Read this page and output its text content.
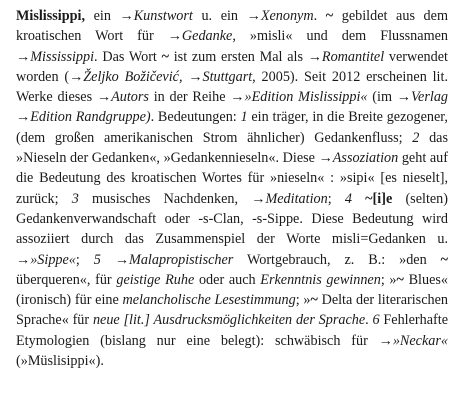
Mislissippi, ein →Kunstwort u. ein →Xenonym. ~ gebildet aus dem kroatischen Wort für →Gedanke, »misli« und dem Flussnamen →Mississippi. Das Wort ~ ist zum ersten Mal als →Romantitel verwendet worden (→Željko Božičević, →Stuttgart, 2005). Seit 2012 erscheinen lit. Werke dieses →Autors in der Reihe →»Edition Mislissippi« (im →Verlag →Edition Randgruppe). Bedeutungen: 1 ein träger, in die Breite gezogener, (dem großen amerikanischen Strom ähnlicher) Gedankenfluss; 2 das »Nieseln der Gedanken«, »Gedankennieseln«. Diese →Assoziation geht auf die Bedeutung des kroatischen Wortes für »nieseln« : »sipi« [es nieselt], zurück; 3 musisches Nachdenken, →Meditation; 4 ~[i]e (selten) Gedankenverwandschaft oder -s-Clan, -s-Sippe. Diese Bedeutung wird assoziiert durch das Zusammenspiel der Worte misli=Gedanken u. →»Sippe«; 5 →Malapropistischer Wortgebrauch, z. B.: »den ~ überqueren«, für geistige Ruhe oder auch Erkenntnis gewinnen; »~ Blues« (ironisch) für eine melancholische Lesestimmung; »~ Delta der literarischen Sprache« für neue [lit.] Ausdrucksmöglichkeiten der Sprache. 6 Fehlerhafte Etymologien (bislang nur eine belegt): schwäbisch für →»Neckar« (»Müslisippi«).
